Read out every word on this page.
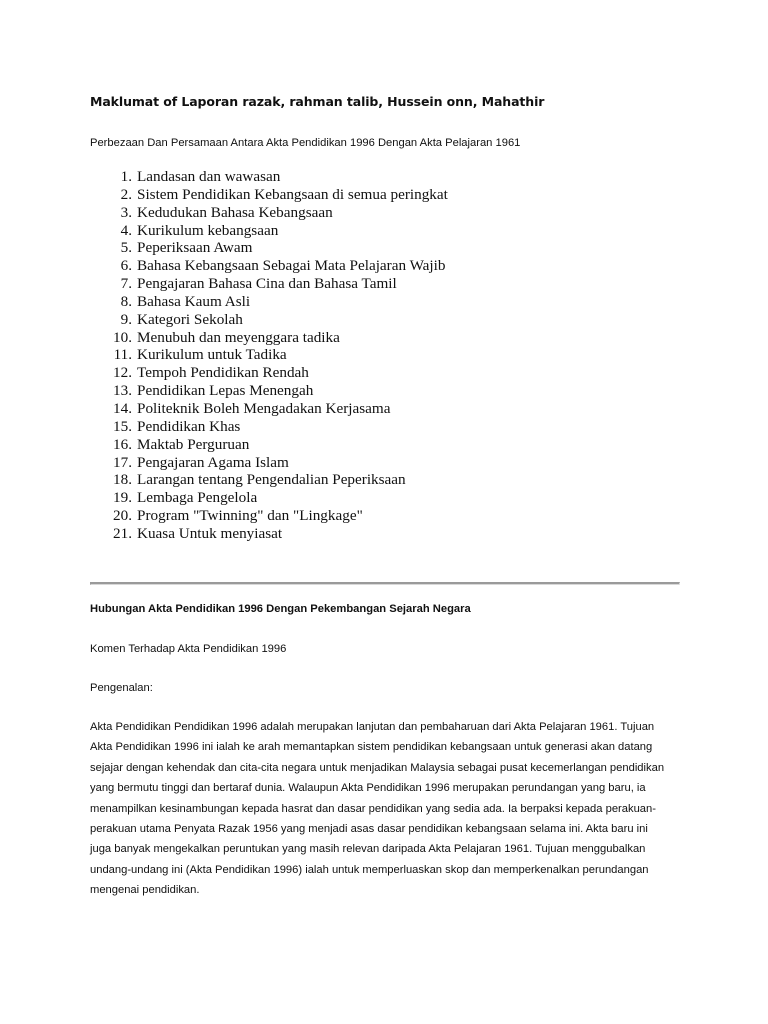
Maklumat of Laporan razak, rahman talib, Hussein onn, Mahathir

Perbezaan Dan Persamaan Antara Akta Pendidikan 1996 Dengan Akta Pelajaran 1961

1. Landasan dan wawasan
2. Sistem Pendidikan Kebangsaan di semua peringkat
3. Kedudukan Bahasa Kebangsaan
4. Kurikulum kebangsaan
5. Peperiksaan Awam
6. Bahasa Kebangsaan Sebagai Mata Pelajaran Wajib
7. Pengajaran Bahasa Cina dan Bahasa Tamil
8. Bahasa Kaum Asli
9. Kategori Sekolah
10. Menubuh dan meyenggara tadika
11. Kurikulum untuk Tadika
12. Tempoh Pendidikan Rendah
13. Pendidikan Lepas Menengah
14. Politeknik Boleh Mengadakan Kerjasama
15. Pendidikan Khas
16. Maktab Perguruan
17. Pengajaran Agama Islam
18. Larangan tentang Pengendalian Peperiksaan
19. Lembaga Pengelola
20. Program "Twinning" dan "Lingkage"
21. Kuasa Untuk menyiasat
Hubungan Akta Pendidikan 1996 Dengan Pekembangan Sejarah Negara

Komen Terhadap Akta Pendidikan 1996

Pengenalan:

Akta Pendidikan Pendidikan 1996 adalah merupakan lanjutan dan pembaharuan dari Akta Pelajaran 1961. Tujuan
Akta Pendidikan 1996 ini ialah ke arah memantapkan sistem pendidikan kebangsaan untuk generasi akan datang
sejajar dengan kehendak dan cita-cita negara untuk menjadikan Malaysia sebagai pusat kecemerlangan pendidikan
yang bermutu tinggi dan bertaraf dunia. Walaupun Akta Pendidikan 1996 merupakan perundangan yang baru, ia
menampilkan kesinambungan kepada hasrat dan dasar pendidikan yang sedia ada. Ia berpaksi kepada perakuan-
perakuan utama Penyata Razak 1956 yang menjadi asas dasar pendidikan kebangsaan selama ini. Akta baru ini
juga banyak mengekalkan peruntukan yang masih relevan daripada Akta Pelajaran 1961. Tujuan menggubalkan
undang-undang ini (Akta Pendidikan 1996) ialah untuk memperluaskan skop dan memperkenalkan perundangan
mengenai pendidikan.
